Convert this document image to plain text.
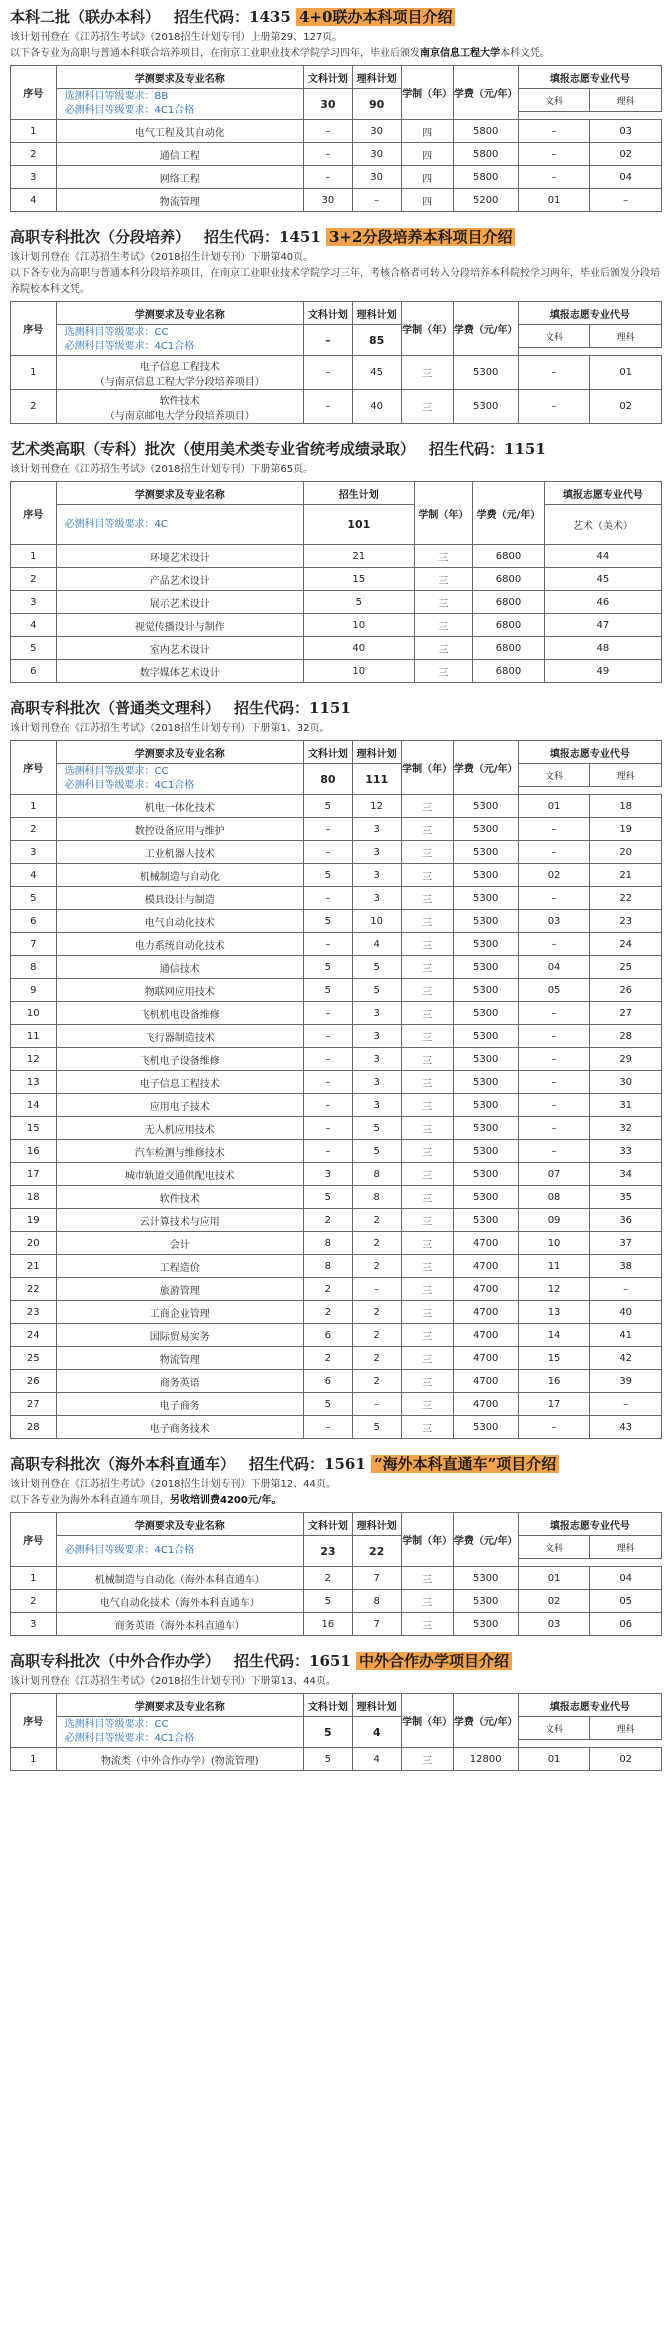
本科二批（联办本科） 招生代码：1435 4+0联办本科项目介绍
该计划刊登在《江苏招生考试》（2018招生计划专刊）上册第29、127页。
以下各专业为高职与普通本科联合培养项目，在南京工业职业技术学院学习四年，毕业后颁发南京信息工程大学本科文凭。
序号	学测要求及专业名称	文科计划	理科计划	学制（年）	学费（元/年）	填报志愿专业代号	

	选测科目等级要求：BB
必测科目等级要求：4C1合格	30	90			文科	理科

1	电气工程及其自动化	–	30	四	5800	–	03
2	通信工程	–	30	四	5800	–	02
3	网络工程	–	30	四	5800	–	04
4	物流管理	30	–	四	5200	01	–
高职专科批次（分段培养） 招生代码：1451 3+2分段培养本科项目介绍
该计划刊登在《江苏招生考试》（2018招生计划专刊）下册第40页。
以下各专业为高职与普通本科分段培养项目，在南京工业职业技术学院学习三年，考核合格者可转入分段培养本科院校学习两年，毕业后颁发分段培养院校本科文凭。
序号	学测要求及专业名称	文科计划	理科计划	学制（年）	学费（元/年）	填报志愿专业代号	

	选测科目等级要求：CC
必测科目等级要求：4C1合格	–	85			文科	理科

1	电子信息工程技术
（与南京信息工程大学分段培养项目）	–	45	三	5300	–	01
2	软件技术
（与南京邮电大学分段培养项目）	–	40	三	5300	–	02
艺术类高职（专科）批次（使用美术类专业省统考成绩录取） 招生代码：1151
该计划刊登在《江苏招生考试》（2018招生计划专刊）下册第65页。
序号	学测要求及专业名称	招生计划	学制（年）	学费（元/年）	填报志愿专业代号

	必测科目等级要求：4C	101			艺术（美术）
1	环境艺术设计	21	三	6800	44
2	产品艺术设计	15	三	6800	45
3	展示艺术设计	5	三	6800	46
4	视觉传播设计与制作	10	三	6800	47
5	室内艺术设计	40	三	6800	48
6	数字媒体艺术设计	10	三	6800	49
高职专科批次（普通类文理科） 招生代码：1151
该计划刊登在《江苏招生考试》（2018招生计划专刊）下册第1、32页。
序号	学测要求及专业名称	文科计划	理科计划	学制（年）	学费（元/年）	填报志愿专业代号	

	选测科目等级要求：CC
必测科目等级要求：4C1合格	80	111			文科	理科

1	机电一体化技术	5	12	三	5300	01	18
2	数控设备应用与维护	–	3	三	5300	–	19
3	工业机器人技术	–	3	三	5300	–	20
4	机械制造与自动化	5	3	三	5300	02	21
5	模具设计与制造	–	3	三	5300	–	22
6	电气自动化技术	5	10	三	5300	03	23
7	电力系统自动化技术	–	4	三	5300	–	24
8	通信技术	5	5	三	5300	04	25
9	物联网应用技术	5	5	三	5300	05	26
10	飞机机电设备维修	–	3	三	5300	–	27
11	飞行器制造技术	–	3	三	5300	–	28
12	飞机电子设备维修	–	3	三	5300	–	29
13	电子信息工程技术	–	3	三	5300	–	30
14	应用电子技术	–	3	三	5300	–	31
15	无人机应用技术	–	5	三	5300	–	32
16	汽车检测与维修技术	–	5	三	5300	–	33
17	城市轨道交通供配电技术	3	8	三	5300	07	34
18	软件技术	5	8	三	5300	08	35
19	云计算技术与应用	2	2	三	5300	09	36
20	会计	8	2	三	4700	10	37
21	工程造价	8	2	三	4700	11	38
22	旅游管理	2	–	三	4700	12	–
23	工商企业管理	2	2	三	4700	13	40
24	国际贸易实务	6	2	三	4700	14	41
25	物流管理	2	2	三	4700	15	42
26	商务英语	6	2	三	4700	16	39
27	电子商务	5	–	三	4700	17	–
28	电子商务技术	–	5	三	5300	–	43
高职专科批次（海外本科直通车） 招生代码：1561 “海外本科直通车”项目介绍
该计划刊登在《江苏招生考试》（2018招生计划专刊）下册第12、44页。
以下各专业为海外本科直通车项目，另收培训费4200元/年。
序号	学测要求及专业名称	文科计划	理科计划	学制（年）	学费（元/年）	填报志愿专业代号	

	必测科目等级要求：4C1合格	23	22			文科	理科

1	机械制造与自动化（海外本科直通车）	2	7	三	5300	01	04
2	电气自动化技术（海外本科直通车）	5	8	三	5300	02	05
3	商务英语（海外本科直通车）	16	7	三	5300	03	06
高职专科批次（中外合作办学） 招生代码：1651 中外合作办学项目介绍
该计划刊登在《江苏招生考试》（2018招生计划专刊）下册第13、44页。
序号	学测要求及专业名称	文科计划	理科计划	学制（年）	学费（元/年）	填报志愿专业代号	

	选测科目等级要求：CC
必测科目等级要求：4C1合格	5	4			文科	理科

1	物流类（中外合作办学）(物流管理)	5	4	三	12800	01	02
